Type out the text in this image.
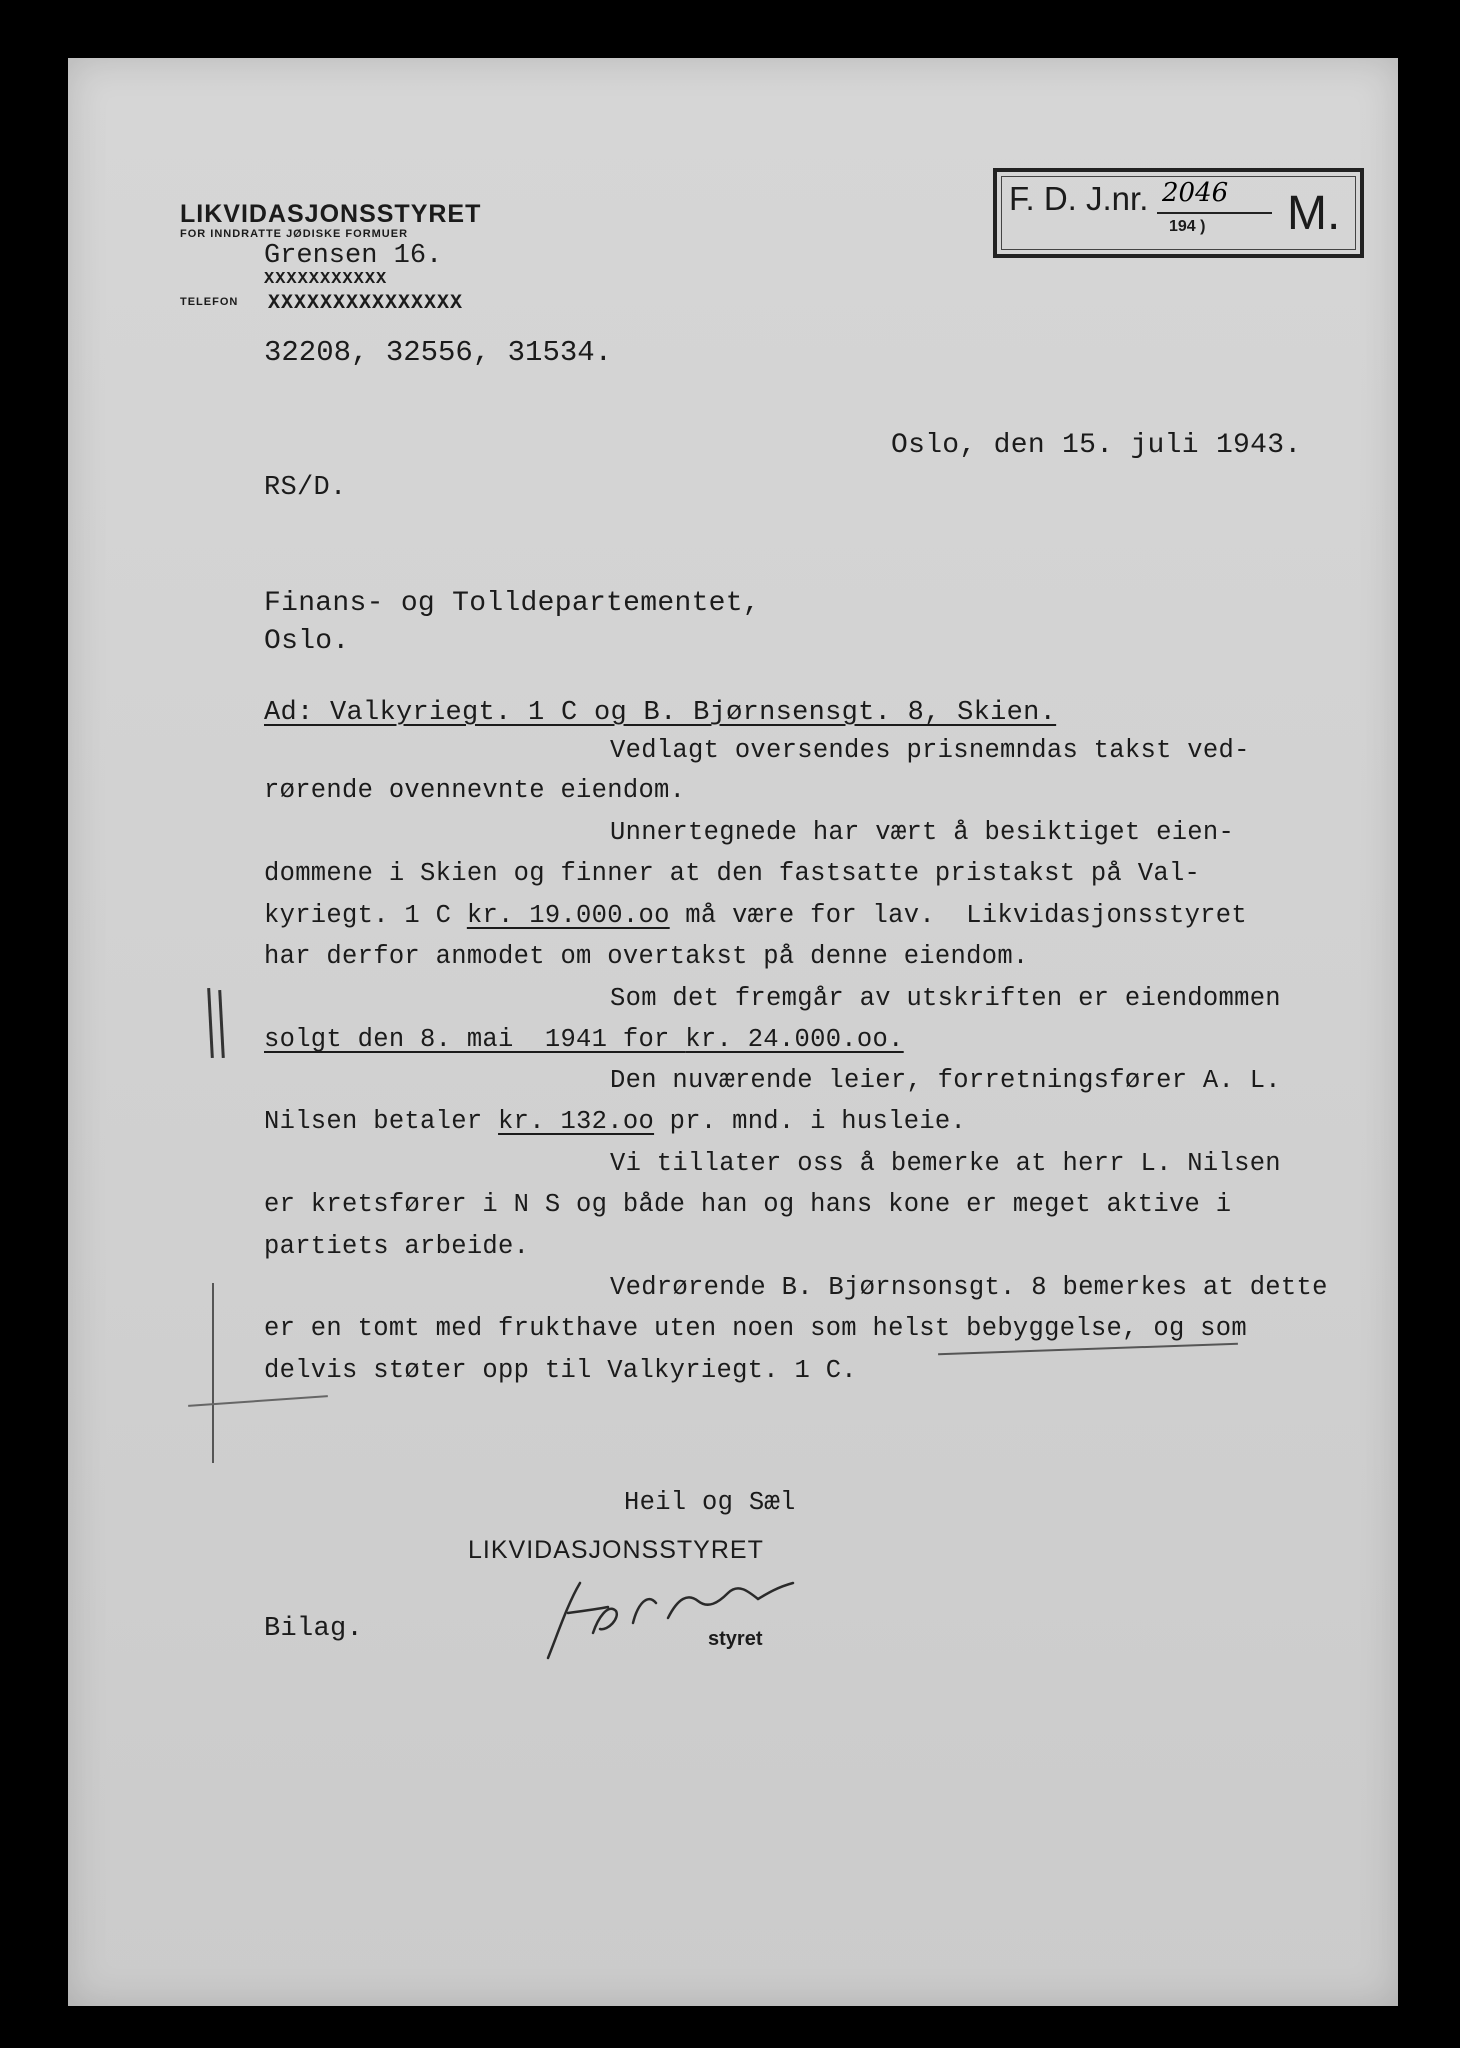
LIKVIDASJONSSTYRET
FOR INNDRATTE JØDISKE FORMUER
Grensen 16.
XXXXXXXXXXX
TELEFON XXXXXXXXXXXXXXX
32208, 32556, 31534.
F. D. J.nr. 2046
194 ) M.
Oslo, den 15. juli 1943.
RS/D.
Finans- og Tolldepartementet,
Oslo.
Ad: Valkyriegt. 1 C og B. Bjørnsensgt. 8, Skien.
Vedlagt oversendes prisnemndas takst ved-
rørende ovennevnte eiendom.
Unnertegnede har vært å besiktiget eien-
dommene i Skien og finner at den fastsatte pristakst på Val-
kyriegt. 1 C kr. 19.000.oo må være for lav.  Likvidasjonsstyret
har derfor anmodet om overtakst på denne eiendom.
Som det fremgår av utskriften er eiendommen
solgt den 8. mai  1941 for kr. 24.000.oo.
Den nuværende leier, forretningsfører A. L.
Nilsen betaler kr. 132.oo pr. mnd. i husleie.
Vi tillater oss å bemerke at herr L. Nilsen
er kretsfører i N S og både han og hans kone er meget aktive i
partiets arbeide.
Vedrørende B. Bjørnsonsgt. 8 bemerkes at dette
er en tomt med frukthave uten noen som helst bebyggelse, og som
delvis støter opp til Valkyriegt. 1 C.
Heil og Sæl
LIKVIDASJONSSTYRET
styret
Bilag.
